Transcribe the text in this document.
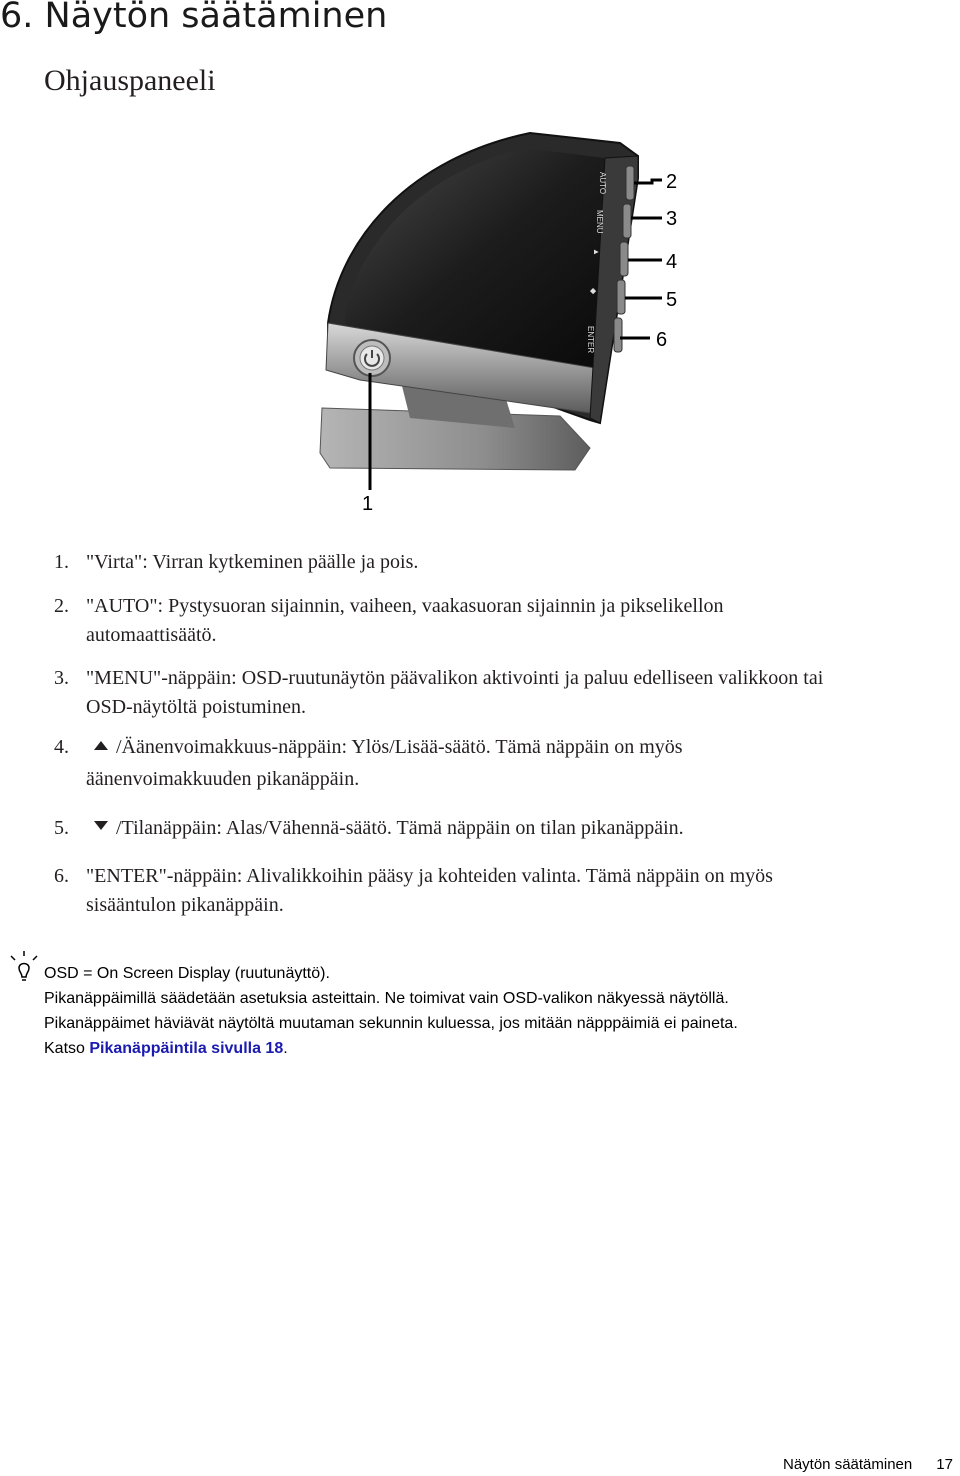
6. Näytön säätäminen
Ohjauspaneeli
AUTO
MENU
▲
◆
ENTER
1
2
3
4
5
6
1. "Virta": Virran kytkeminen päälle ja pois.
2. "AUTO": Pystysuoran sijainnin, vaiheen, vaakasuoran sijainnin ja pikselikellon
automaattisäätö.
3. "MENU"-näppäin: OSD-ruutunäytön päävalikon aktivointi ja paluu edelliseen valikkoon tai
OSD-näytöltä poistuminen.
4.	/Äänenvoimakkuus-näppäin: Ylös/Lisää-säätö. Tämä näppäin on myös
äänenvoimakkuuden pikanäppäin.
5.	/Tilanäppäin: Alas/Vähennä-säätö. Tämä näppäin on tilan pikanäppäin.
6. "ENTER"-näppäin: Alivalikkoihin pääsy ja kohteiden valinta. Tämä näppäin on myös
sisääntulon pikanäppäin.
OSD = On Screen Display (ruutunäyttö).
Pikanäppäimillä säädetään asetuksia asteittain. Ne toimivat vain OSD-valikon näkyessä näytöllä.
Pikanäppäimet häviävät näytöltä muutaman sekunnin kuluessa, jos mitään näpppäimiä ei paineta.
Katso Pikanäppäintila sivulla 18.
Näytön säätäminen 17
